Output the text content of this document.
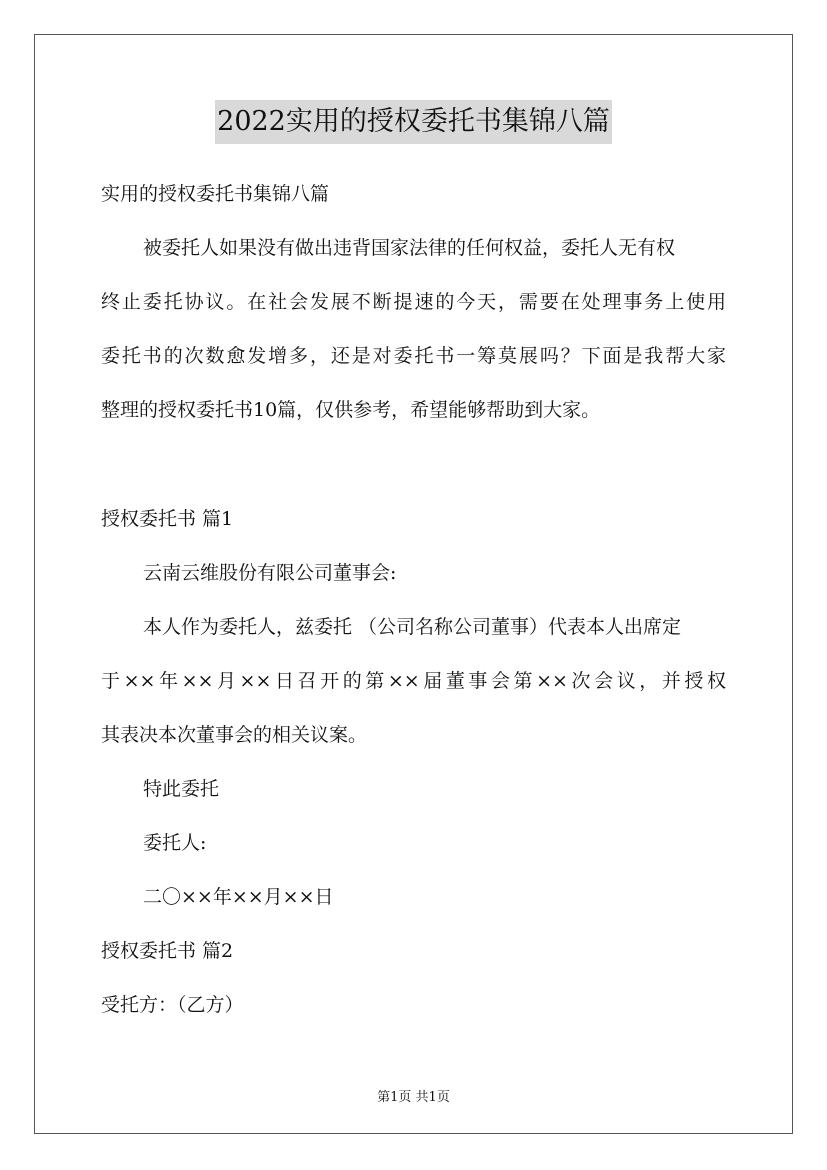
2022实用的授权委托书集锦八篇
实用的授权委托书集锦八篇
被委托人如果没有做出违背国家法律的任何权益，委托人无有权
终止委托协议。在社会发展不断提速的今天，需要在处理事务上使用
委托书的次数愈发增多，还是对委托书一筹莫展吗？下面是我帮大家
整理的授权委托书10篇，仅供参考，希望能够帮助到大家。
授权委托书 篇1
云南云维股份有限公司董事会:
本人作为委托人，兹委托 （公司名称公司董事）代表本人出席定
于××年××月××日召开的第××届董事会第××次会议，并授权
其表决本次董事会的相关议案。
特此委托
委托人:
二〇××年××月××日
授权委托书 篇2
受托方：（乙方）
第1页 共1页
